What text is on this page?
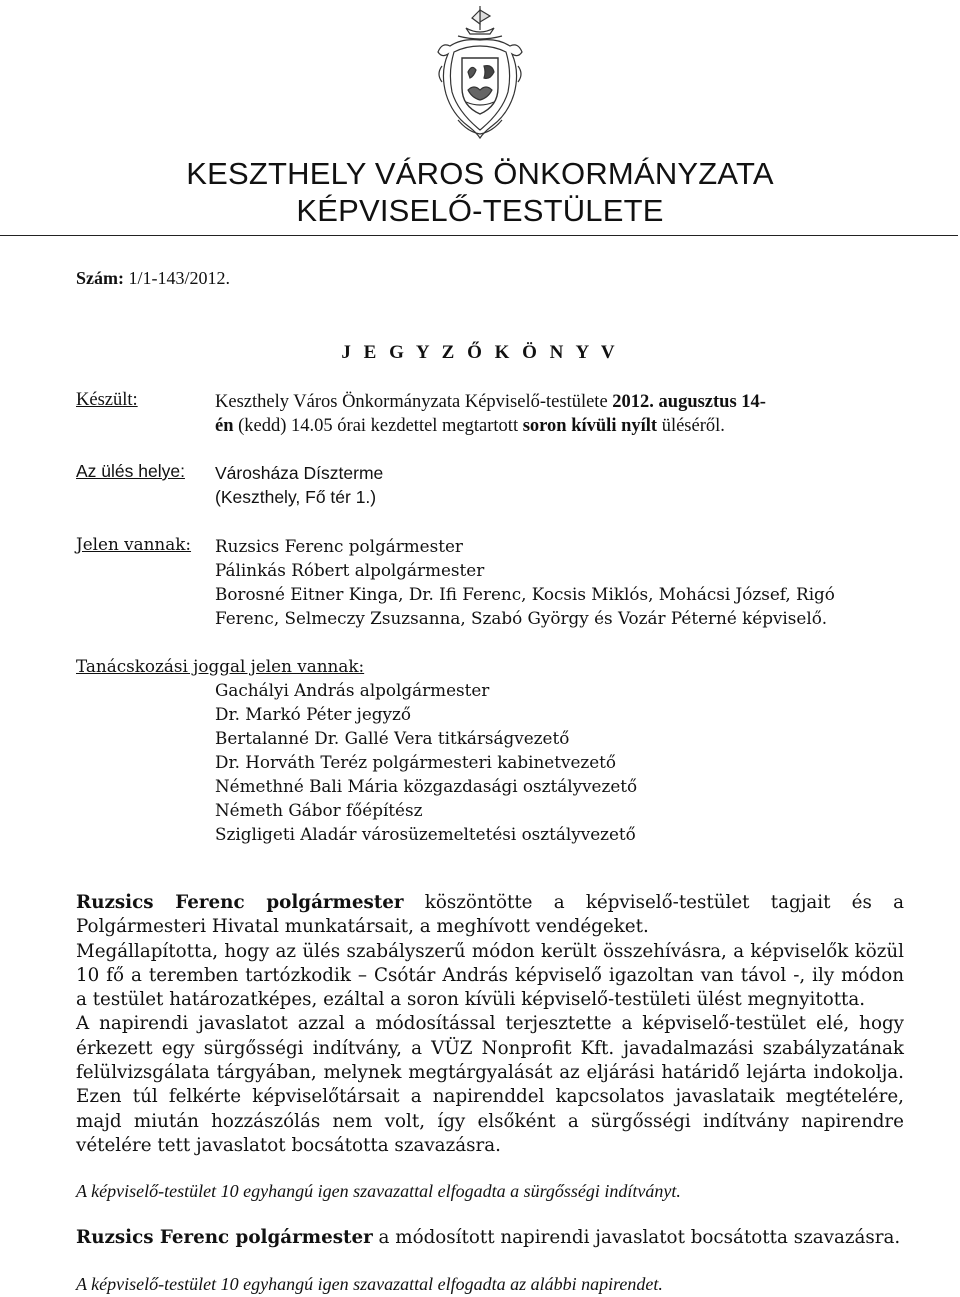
KESZTHELY VÁROS ÖNKORMÁNYZATA
KÉPVISELŐ-TESTÜLETE
Szám: 1/1-143/2012.
J E G Y Z Ő K Ö N Y V
Készült:	Keszthely Város Önkormányzata Képviselő-testülete 2012. augusztus 14-
én (kedd) 14.05 órai kezdettel megtartott soron kívüli nyílt üléséről.
Az ülés helye: Városháza Díszterme
(Keszthely, Fő tér 1.)
Jelen vannak: Ruzsics Ferenc polgármester
Pálinkás Róbert alpolgármester
Borosné Eitner Kinga, Dr. Ifi Ferenc, Kocsis Miklós, Mohácsi József, Rigó
Ferenc, Selmeczy Zsuzsanna, Szabó György és Vozár Péterné képviselő.
Tanácskozási joggal jelen vannak:
Gachályi András alpolgármester
Dr. Markó Péter jegyző
Bertalanné Dr. Gallé Vera titkárságvezető
Dr. Horváth Teréz polgármesteri kabinetvezető
Némethné Bali Mária közgazdasági osztályvezető
Németh Gábor főépítész
Szigligeti Aladár városüzemeltetési osztályvezető

Ruzsics Ferenc polgármester köszöntötte a képviselő-testület tagjait és a Polgármesteri Hivatal munkatársait, a meghívott vendégeket.

Megállapította, hogy az ülés szabályszerű módon került összehívásra, a képviselők közül 10 fő a teremben tartózkodik – Csótár András képviselő igazoltan van távol -, ily módon a testület határozatképes, ezáltal a soron kívüli képviselő-testületi ülést megnyitotta.

A napirendi javaslatot azzal a módosítással terjesztette a képviselő-testület elé, hogy érkezett egy sürgősségi indítvány, a VÜZ Nonprofit Kft. javadalmazási szabályzatának felülvizsgálata tárgyában, melynek megtárgyalását az eljárási határidő lejárta indokolja. Ezen túl felkérte képviselőtársait a napirenddel kapcsolatos javaslataik megtételére, majd miután hozzászólás nem volt, így elsőként a sürgősségi indítvány napirendre vételére tett javaslatot bocsátotta szavazásra.

A képviselő-testület 10 egyhangú igen szavazattal elfogadta a sürgősségi indítványt.
Ruzsics Ferenc polgármester a módosított napirendi javaslatot bocsátotta szavazásra.
A képviselő-testület 10 egyhangú igen szavazattal elfogadta az alábbi napirendet.
